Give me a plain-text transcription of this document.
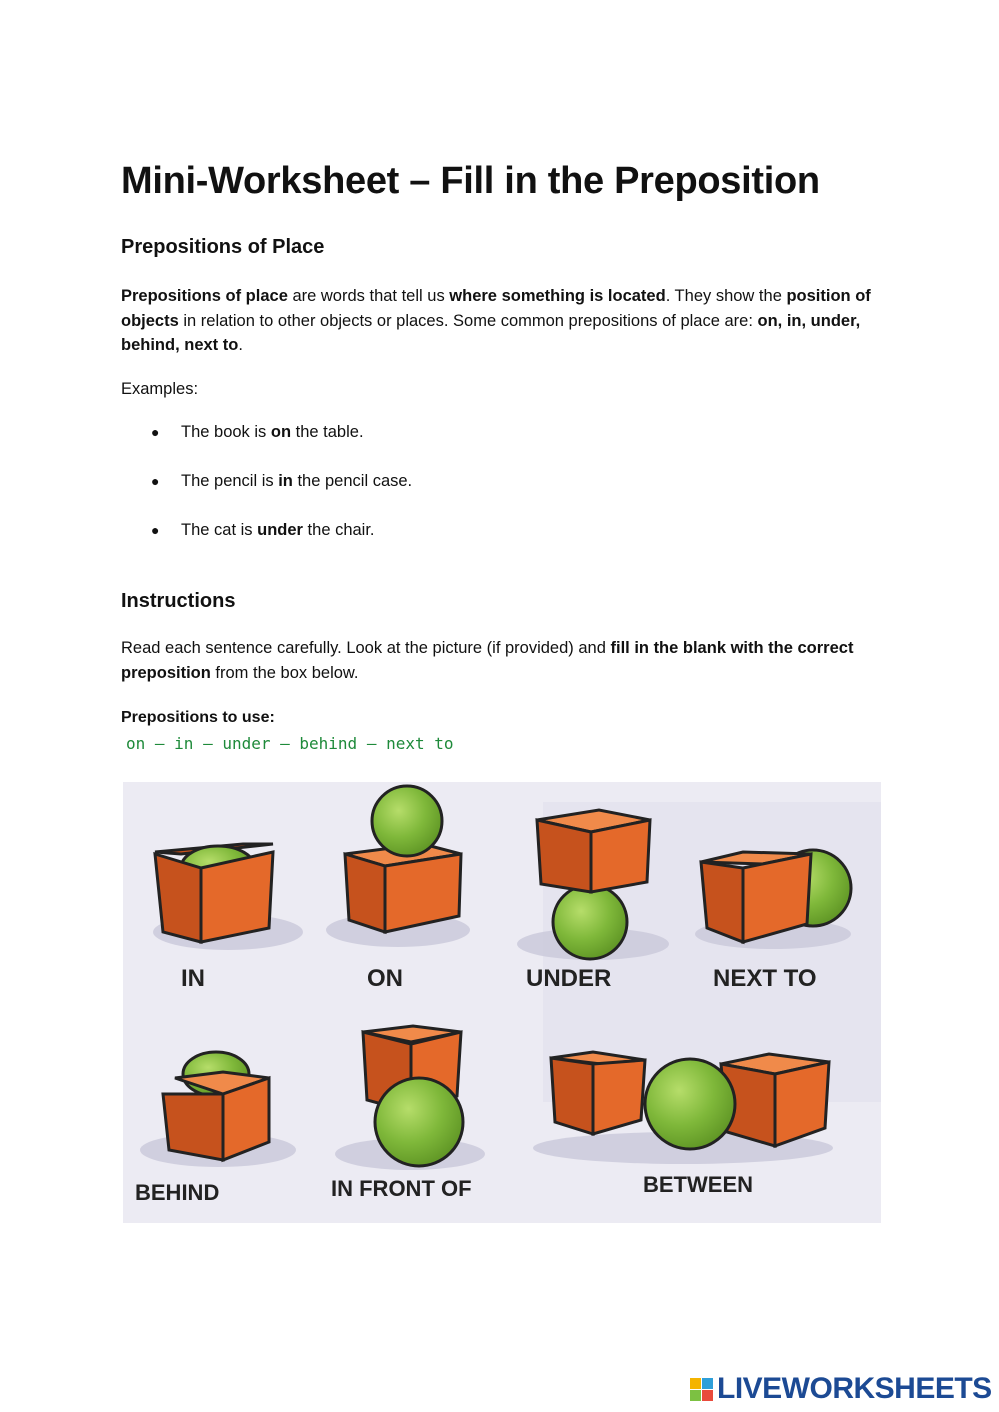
Mini-Worksheet – Fill in the Preposition
Prepositions of Place

Prepositions of place are words that tell us where something is located. They show the position of objects in relation to other objects or places. Some common prepositions of place are: on, in, under, behind, next to.

Examples:

● The book is on the table.
● The pencil is in the pencil case.
● The cat is under the chair.
Instructions

Read each sentence carefully. Look at the picture (if provided) and fill in the blank with the correct preposition from the box below.

Prepositions to use:

on – in – under – behind – next to

IN	ON	UNDER	NEXT TO
BEHIND	IN FRONT OF	BETWEEN
LIVEWORKSHEETS
